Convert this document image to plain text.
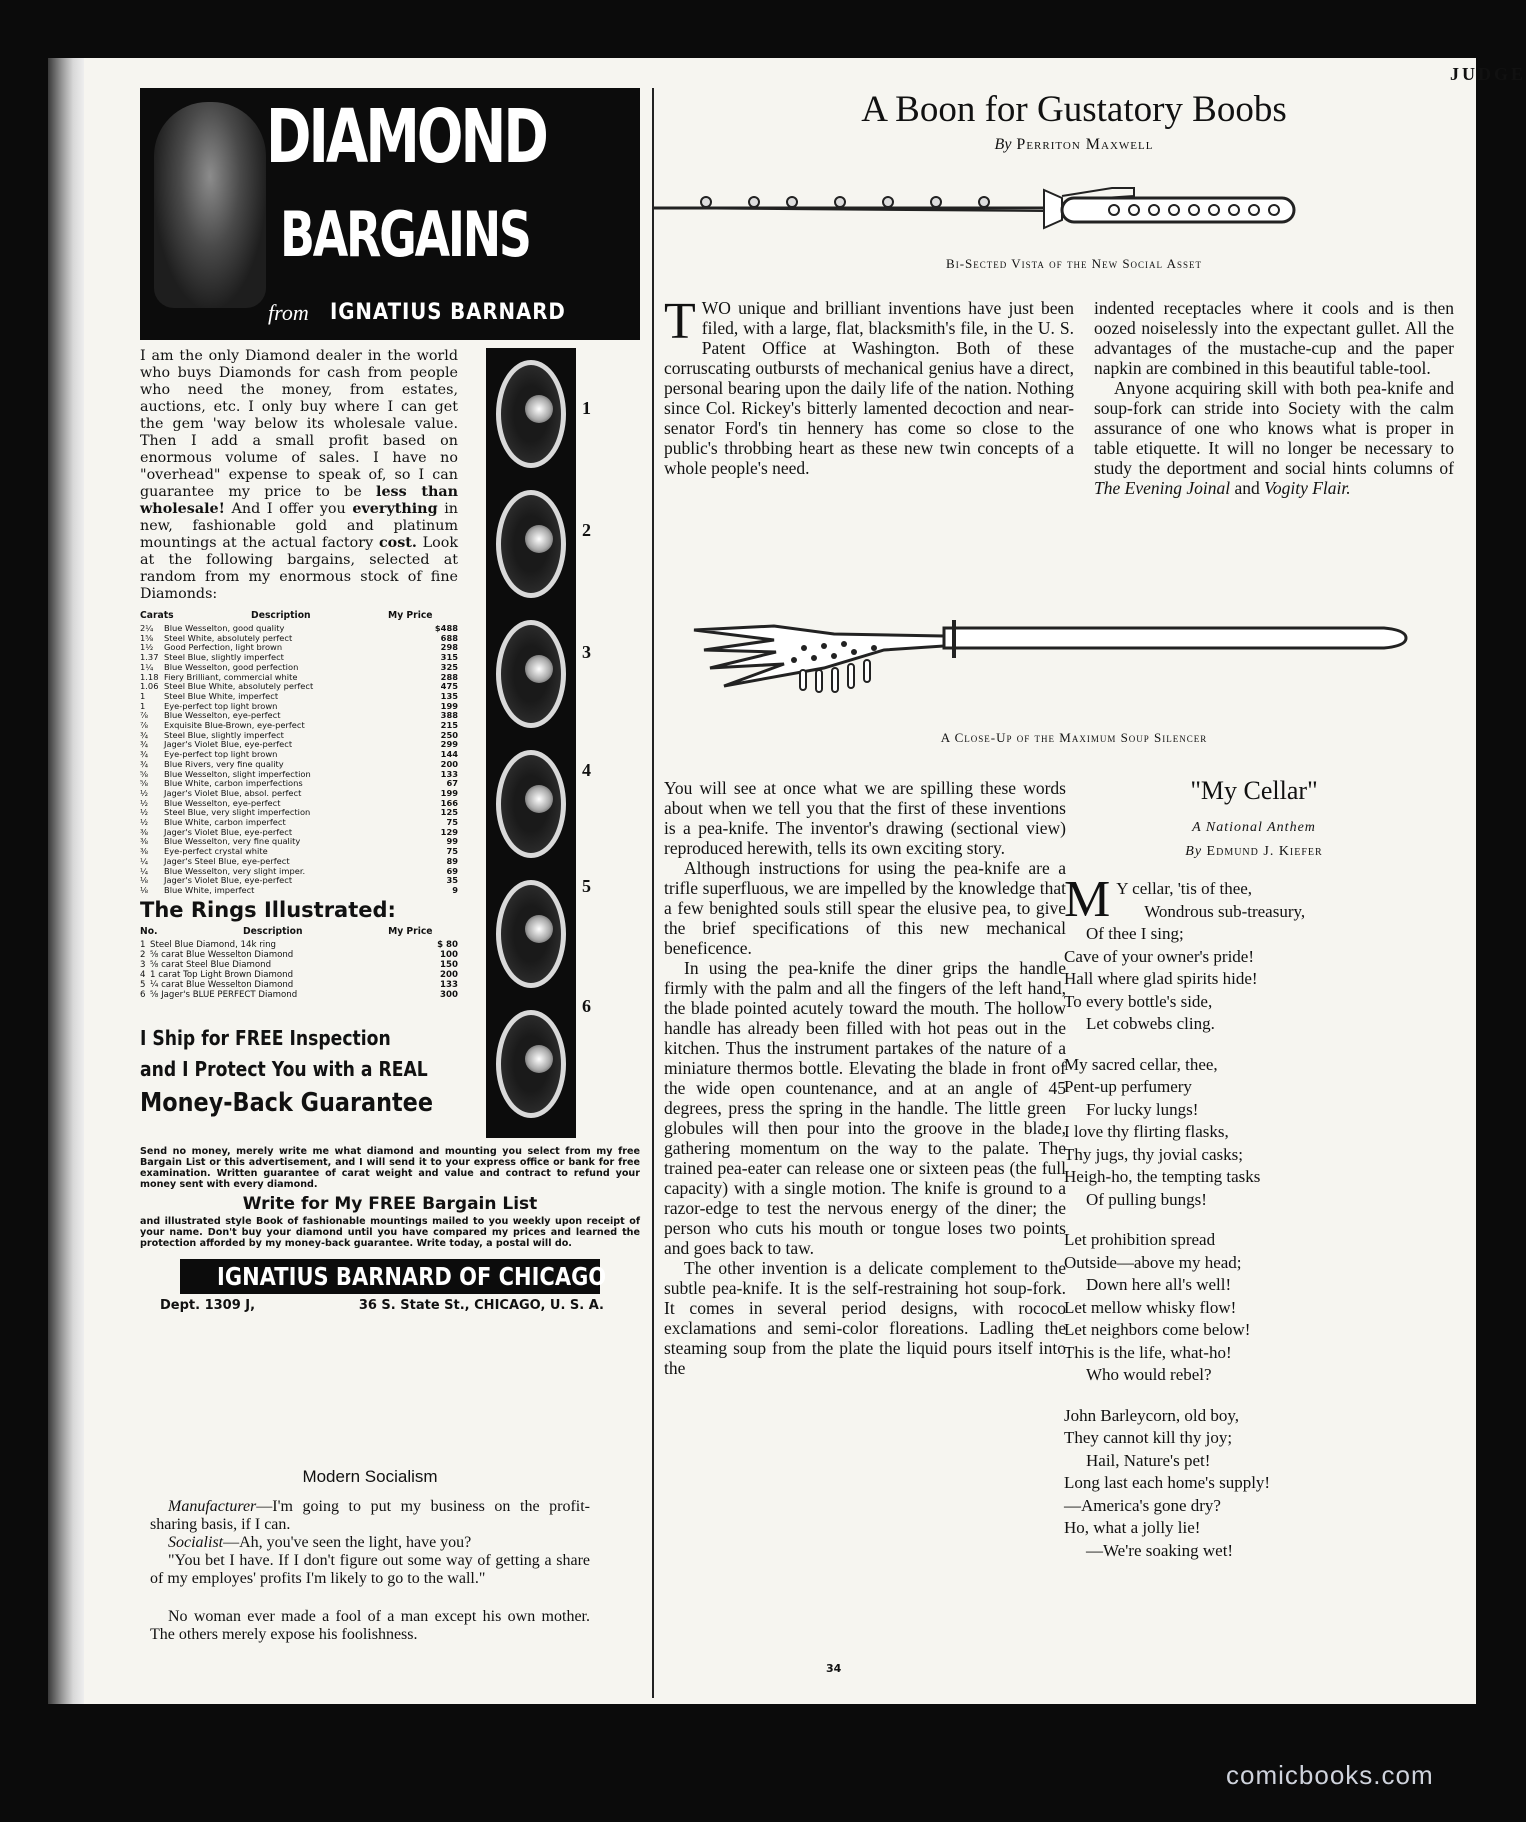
JUDGE
DIAMOND
BARGAINS
from IGNATIUS BARNARD

I am the only Diamond dealer in the world who buys Diamonds for cash from people who need the money, from estates, auctions, etc. I only buy where I can get the gem 'way below its wholesale value. Then I add a small profit based on enormous volume of sales. I have no "overhead" expense to speak of, so I can guarantee my price to be less than wholesale! And I offer you everything in new, fashionable gold and platinum mountings at the actual factory cost. Look at the following bargains, selected at random from my enormous stock of fine Diamonds:

Carats	Description	My Price
2¼	Blue Wesselton, good quality	$488
1⅝	Steel White, absolutely perfect	688
1½	Good Perfection, light brown	298
1.37	Steel Blue, slightly imperfect	315
1¼	Blue Wesselton, good perfection	325
1.18	Fiery Brilliant, commercial white	288
1.06	Steel Blue White, absolutely perfect	475
1	Steel Blue White, imperfect	135
1	Eye-perfect top light brown	199
⅞	Blue Wesselton, eye-perfect	388
⅞	Exquisite Blue-Brown, eye-perfect	215
¾	Steel Blue, slightly imperfect	250
¾	Jager's Violet Blue, eye-perfect	299
¾	Eye-perfect top light brown	144
¾	Blue Rivers, very fine quality	200
⅝	Blue Wesselton, slight imperfection	133
⅝	Blue White, carbon imperfections	67
½	Jager's Violet Blue, absol. perfect	199
½	Blue Wesselton, eye-perfect	166
½	Steel Blue, very slight imperfection	125
½	Blue White, carbon imperfect	75
⅜	Jager's Violet Blue, eye-perfect	129
⅜	Blue Wesselton, very fine quality	99
⅜	Eye-perfect crystal white	75
¼	Jager's Steel Blue, eye-perfect	89
¼	Blue Wesselton, very slight imper.	69
⅛	Jager's Violet Blue, eye-perfect	35
⅛	Blue White, imperfect	9
The Rings Illustrated:
No.	Description	My Price
1	Steel Blue Diamond, 14k ring	$ 80
2	⅝ carat Blue Wesselton Diamond	100
3	⅝ carat Steel Blue Diamond	150
4	1 carat Top Light Brown Diamond	200
5	¼ carat Blue Wesselton Diamond	133
6	⅝ Jager's BLUE PERFECT Diamond	300
1
2
3
4
5
6
I Ship for FREE Inspection
and I Protect You with a REAL
Money-Back Guarantee
Send no money, merely write me what diamond and mounting you select from my free Bargain List or this advertisement, and I will send it to your express office or bank for free examination. Written guarantee of carat weight and value and contract to refund your money sent with every diamond.
Write for My FREE Bargain List
and illustrated style Book of fashionable mountings mailed to you weekly upon receipt of your name. Don't buy your diamond until you have compared my prices and learned the protection afforded by my money-back guarantee. Write today, a postal will do.
IGNATIUS BARNARD OF CHICAGO
Dept. 1309 J,	36 S. State St., CHICAGO, U. S. A.
Modern Socialism

Manufacturer—I'm going to put my business on the profit-sharing basis, if I can.

Socialist—Ah, you've seen the light, have you?

"You bet I have. If I don't figure out some way of getting a share of my employes' profits I'm likely to go to the wall."

No woman ever made a fool of a man except his own mother. The others merely expose his foolishness.

A Boon for Gustatory Boobs
By Perriton Maxwell
Bi-Sected Vista of the New Social Asset

TWO unique and brilliant inventions have just been filed, with a large, flat, blacksmith's file, in the U. S. Patent Office at Washington. Both of these corruscating outbursts of mechanical genius have a direct, personal bearing upon the daily life of the nation. Nothing since Col. Rickey's bitterly lamented decoction and near-senator Ford's tin hennery has come so close to the public's throbbing heart as these new twin concepts of a whole people's need.

indented receptacles where it cools and is then oozed noiselessly into the expectant gullet. All the advantages of the mustache-cup and the paper napkin are combined in this beautiful table-tool.

Anyone acquiring skill with both pea-knife and soup-fork can stride into Society with the calm assurance of one who knows what is proper in table etiquette. It will no longer be necessary to study the deportment and social hints columns of The Evening Joinal and Vogity Flair.

A Close-Up of the Maximum Soup Silencer

You will see at once what we are spilling these words about when we tell you that the first of these inventions is a pea-knife. The inventor's drawing (sectional view) reproduced herewith, tells its own exciting story.

Although instructions for using the pea-knife are a trifle superfluous, we are impelled by the knowledge that a few benighted souls still spear the elusive pea, to give the brief specifications of this new mechanical beneficence.

In using the pea-knife the diner grips the handle firmly with the palm and all the fingers of the left hand, the blade pointed acutely toward the mouth. The hollow handle has already been filled with hot peas out in the kitchen. Thus the instrument partakes of the nature of a miniature thermos bottle. Elevating the blade in front of the wide open countenance, and at an angle of 45 degrees, press the spring in the handle. The little green globules will then pour into the groove in the blade, gathering momentum on the way to the palate. The trained pea-eater can release one or sixteen peas (the full capacity) with a single motion. The knife is ground to a razor-edge to test the nervous energy of the diner; the person who cuts his mouth or tongue loses two points and goes back to taw.

The other invention is a delicate complement to the subtle pea-knife. It is the self-restraining hot soup-fork. It comes in several period designs, with rococo exclamations and semi-color floreations. Ladling the steaming soup from the plate the liquid pours itself into the

"My Cellar"
A National Anthem
By Edmund J. Kiefer
M Y cellar, 'tis of thee,
Wondrous sub-treasury,
Of thee I sing;
Cave of your owner's pride!
Hall where glad spirits hide!
To every bottle's side,
Let cobwebs cling.
My sacred cellar, thee,
Pent-up perfumery
For lucky lungs!
I love thy flirting flasks,
Thy jugs, thy jovial casks;
Heigh-ho, the tempting tasks
Of pulling bungs!
Let prohibition spread
Outside—above my head;
Down here all's well!
Let mellow whisky flow!
Let neighbors come below!
This is the life, what-ho!
Who would rebel?
John Barleycorn, old boy,
They cannot kill thy joy;
Hail, Nature's pet!
Long last each home's supply!
—America's gone dry?
Ho, what a jolly lie!
—We're soaking wet!
34
comicbooks.com
